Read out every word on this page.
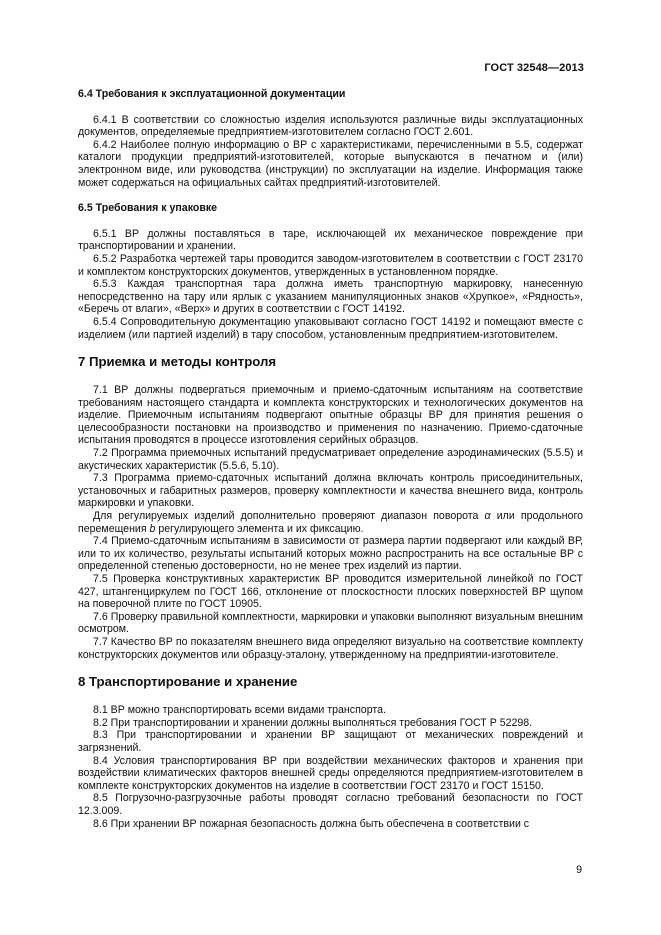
ГОСТ 32548—2013
6.4 Требования к эксплуатационной документации

6.4.1 В соответствии со сложностью изделия используются различные виды эксплуатационных документов, определяемые предприятием-изготовителем согласно ГОСТ 2.601.

6.4.2 Наиболее полную информацию о ВР с характеристиками, перечисленными в 5.5, содержат каталоги продукции предприятий-изготовителей, которые выпускаются в печатном и (или) электронном виде, или руководства (инструкции) по эксплуатации на изделие. Информация также может содержаться на официальных сайтах предприятий-изготовителей.

6.5 Требования к упаковке

6.5.1 ВР должны поставляться в таре, исключающей их механическое повреждение при транспортировании и хранении.

6.5.2 Разработка чертежей тары проводится заводом-изготовителем в соответствии с ГОСТ 23170 и комплектом конструкторских документов, утвержденных в установленном порядке.

6.5.3 Каждая транспортная тара должна иметь транспортную маркировку, нанесенную непосредственно на тару или ярлык с указанием манипуляционных знаков «Хрупкое», «Рядность», «Беречь от влаги», «Верх» и других в соответствии с ГОСТ 14192.

6.5.4 Сопроводительную документацию упаковывают согласно ГОСТ 14192 и помещают вместе с изделием (или партией изделий) в тару способом, установленным предприятием-изготовителем.

7 Приемка и методы контроля

7.1 ВР должны подвергаться приемочным и приемо-сдаточным испытаниям на соответствие требованиям настоящего стандарта и комплекта конструкторских и технологических документов на изделие. Приемочным испытаниям подвергают опытные образцы ВР для принятия решения о целесообразности постановки на производство и применения по назначению. Приемо-сдаточные испытания проводятся в процессе изготовления серийных образцов.

7.2 Программа приемочных испытаний предусматривает определение аэродинамических (5.5.5) и акустических характеристик (5.5.6, 5.10).

7.3 Программа приемо-сдаточных испытаний должна включать контроль присоединительных, установочных и габаритных размеров, проверку комплектности и качества внешнего вида, контроль маркировки и упаковки.

Для регулируемых изделий дополнительно проверяют диапазон поворота α или продольного перемещения b регулирующего элемента и их фиксацию.

7.4 Приемо-сдаточным испытаниям в зависимости от размера партии подвергают или каждый ВР, или то их количество, результаты испытаний которых можно распространить на все остальные ВР с определенной степенью достоверности, но не менее трех изделий из партии.

7.5 Проверка конструктивных характеристик ВР проводится измерительной линейкой по ГОСТ 427, штангенциркулем по ГОСТ 166, отклонение от плоскостности плоских поверхностей ВР щупом на поверочной плите по ГОСТ 10905.

7.6 Проверку правильной комплектности, маркировки и упаковки выполняют визуальным внешним осмотром.

7.7 Качество ВР по показателям внешнего вида определяют визуально на соответствие комплекту конструкторских документов или образцу-эталону, утвержденному на предприятии-изготовителе.

8 Транспортирование и хранение

8.1 ВР можно транспортировать всеми видами транспорта.

8.2 При транспортировании и хранении должны выполняться требования ГОСТ Р 52298.

8.3 При транспортировании и хранении ВР защищают от механических повреждений и загрязнений.

8.4 Условия транспортирования ВР при воздействии механических факторов и хранения при воздействии климатических факторов внешней среды определяются предприятием-изготовителем в комплекте конструкторских документов на изделие в соответствии ГОСТ 23170 и ГОСТ 15150.

8.5 Погрузочно-разгрузочные работы проводят согласно требований безопасности по ГОСТ 12.3.009.

8.6 При хранении ВР пожарная безопасность должна быть обеспечена в соответствии с

9
